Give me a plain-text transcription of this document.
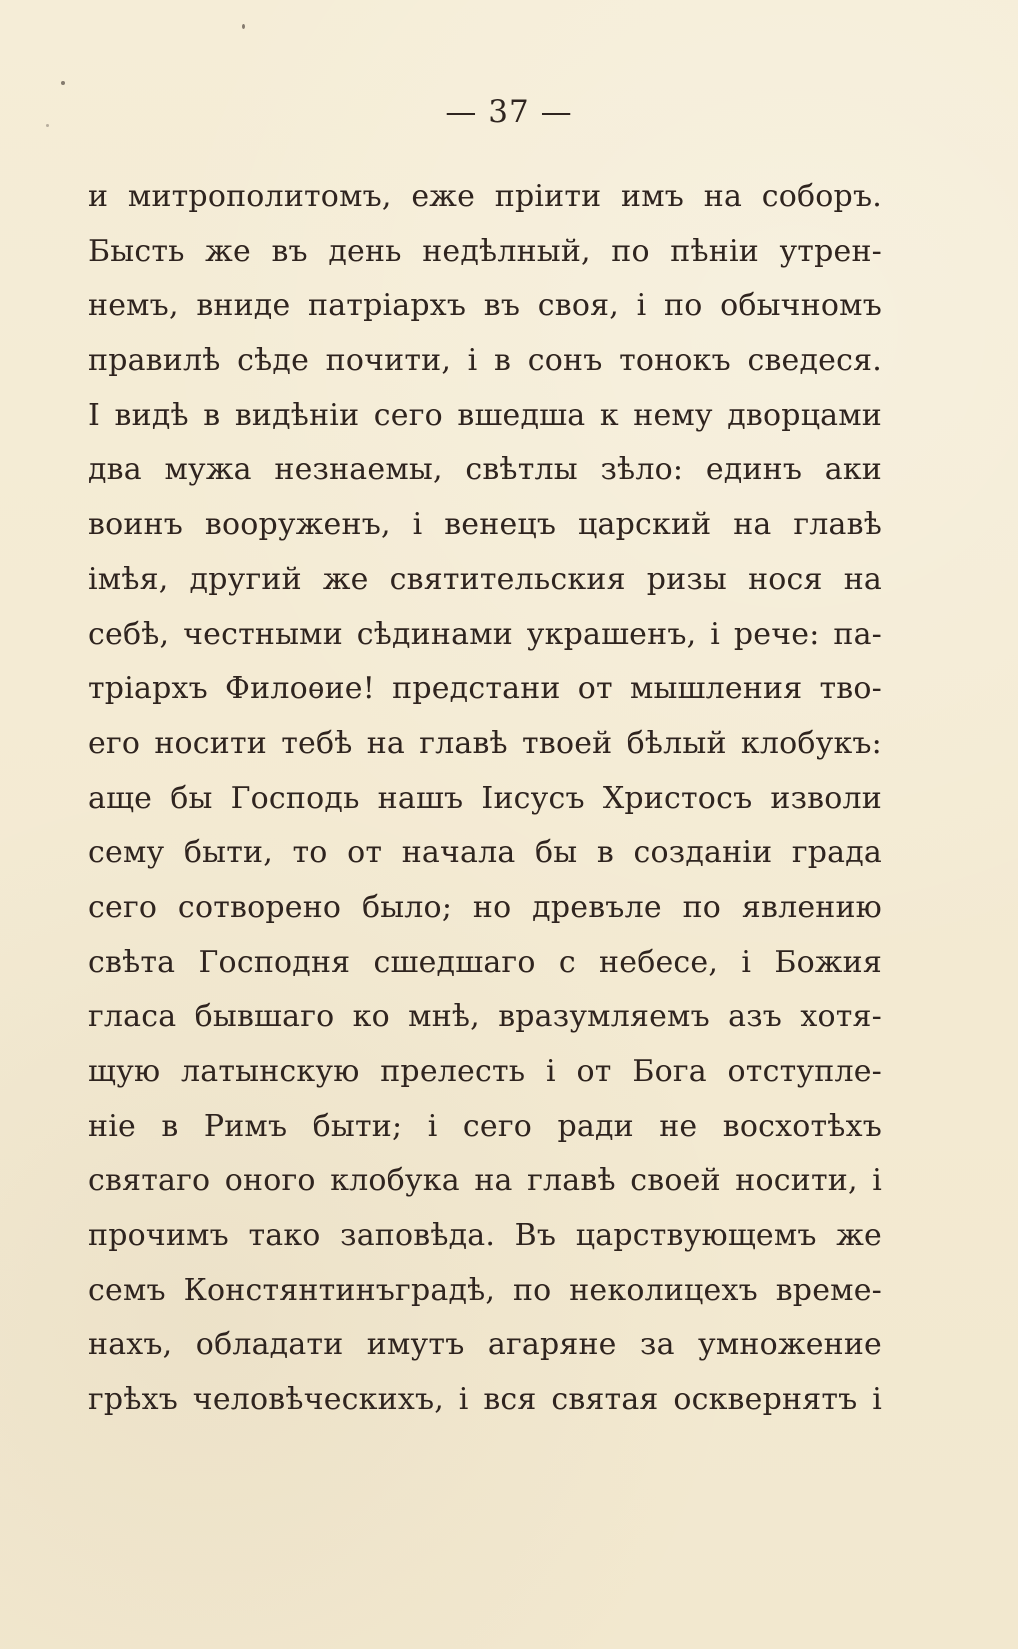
— 37 —
и митрополитомъ, еже прiити имъ на соборъ.
Бысть же въ день недѣлный, по пѣнiи утрен-
немъ, вниде патрiархъ въ своя, і по обычномъ
правилѣ сѣде почити, і в сонъ тонокъ сведеся.
І видѣ в видѣнiи сего вшедша к нему дворцами
два мужа незнаемы, свѣтлы зѣло: единъ аки
воинъ вооруженъ, і венецъ царский на главѣ
імѣя, другий же святительския ризы нося на
себѣ, честными сѣдинами украшенъ, і рече: па-
трiархъ Филоѳие! предстани от мышления тво-
его носити тебѣ на главѣ твоей бѣлый клобукъ:
аще бы Господь нашъ Iисусъ Христосъ изволи
сему быти, то от начала бы в созданiи града
сего сотворено было; но древъле по явлению
свѣта Господня сшедшаго с небесе, і Божия
гласа бывшаго ко мнѣ, вразумляемъ азъ хотя-
щую латынскую прелесть і от Бога отступле-
нiе в Римъ быти; і сего ради не восхотѣхъ
святаго оного клобука на главѣ своей носити, і
прочимъ тако заповѣда. Въ царствующемъ же
семъ Констянтинъградѣ, по неколицехъ време-
нахъ, обладати имутъ агаряне за умножение
грѣхъ человѣческихъ, і вся святая осквернятъ і
